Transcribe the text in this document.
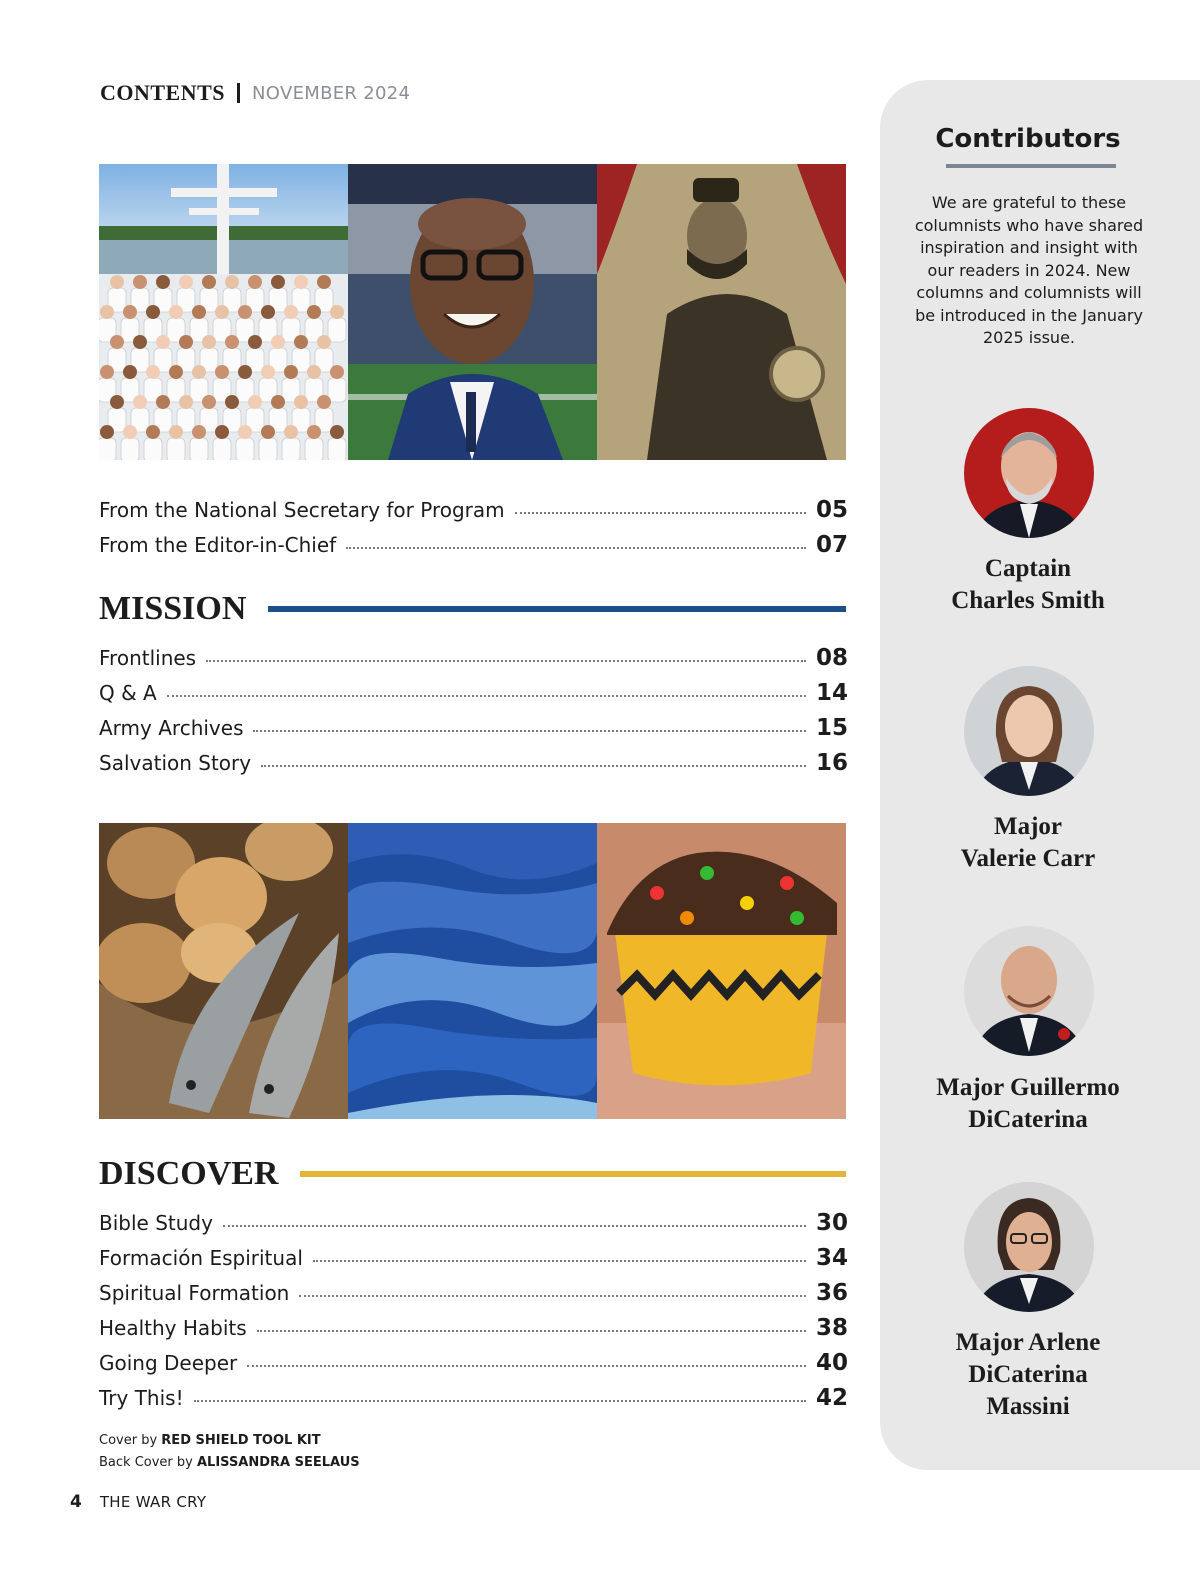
CONTENTS NOVEMBER 2024
From the National Secretary for Program	05
From the Editor-in-Chief	07
MISSION
Frontlines	08
Q & A	14
Army Archives	15
Salvation Story	16
DISCOVER
Bible Study	30
Formación Espiritual	34
Spiritual Formation	36
Healthy Habits	38
Going Deeper	40
Try This!	42
Cover by RED SHIELD TOOL KIT
Back Cover by ALISSANDRA SEELAUS
4 THE WAR CRY
Contributors
We are grateful to these columnists who have shared inspiration and insight with our readers in 2024. New columns and columnists will be introduced in the January 2025 issue.
Captain
Charles Smith
Major
Valerie Carr
Major Guillermo
DiCaterina
Major Arlene
DiCaterina
Massini
